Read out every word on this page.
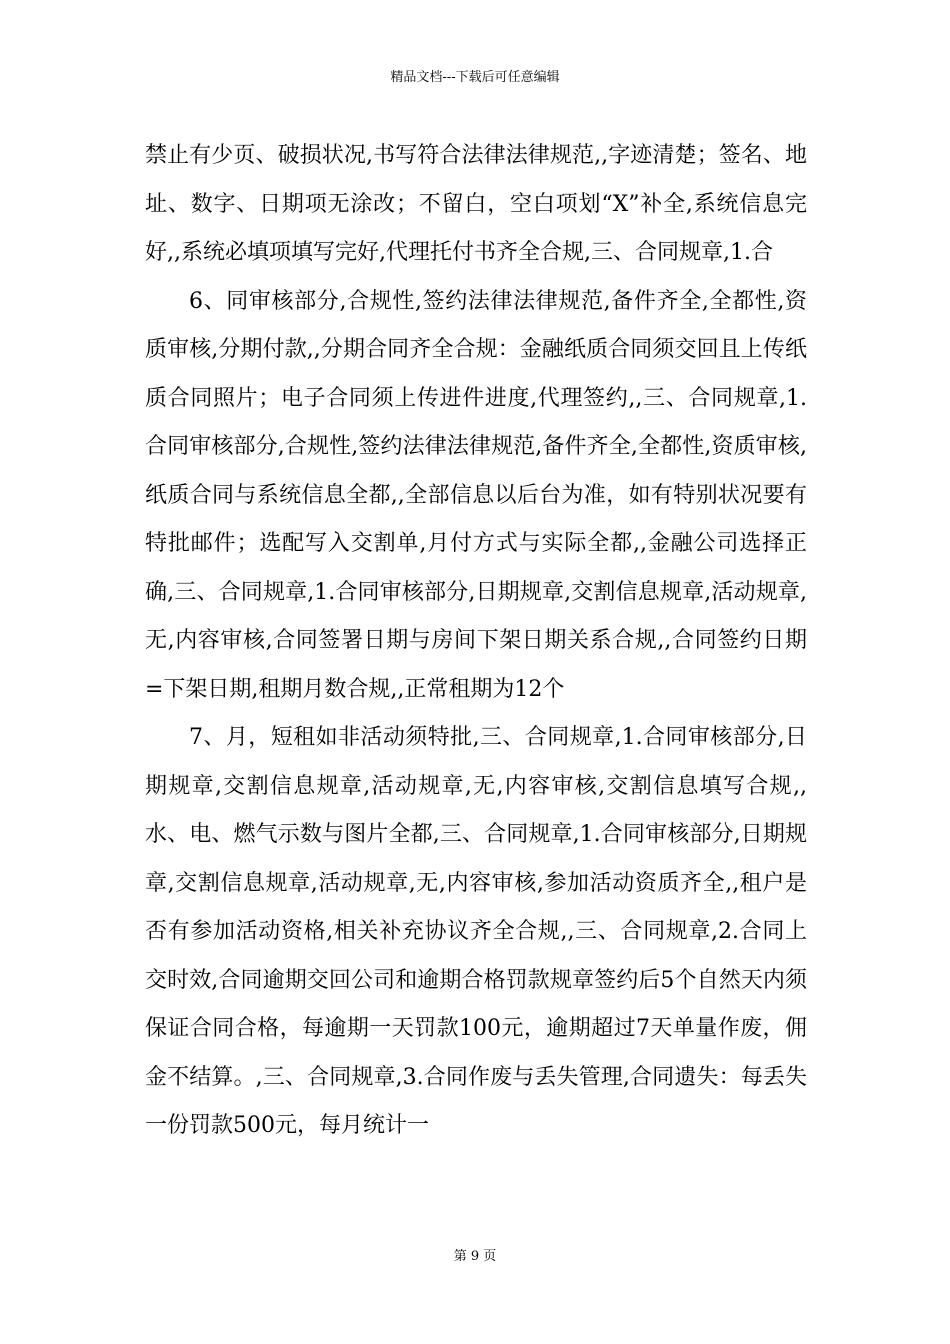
精品文档---下载后可任意编辑

禁止有少页、破损状况,书写符合法律法律规范,,字迹清楚；签名、地址、数字、日期项无涂改；不留白，空白项划“X”补全,系统信息完好,,系统必填项填写完好,代理托付书齐全合规,三、合同规章,1.合

6、同审核部分,合规性,签约法律法律规范,备件齐全,全都性,资质审核,分期付款,,分期合同齐全合规：金融纸质合同须交回且上传纸质合同照片；电子合同须上传进件进度,代理签约,,三、合同规章,1.合同审核部分,合规性,签约法律法律规范,备件齐全,全都性,资质审核,纸质合同与系统信息全都,,全部信息以后台为准，如有特别状况要有特批邮件；选配写入交割单,月付方式与实际全都,,金融公司选择正确,三、合同规章,1.合同审核部分,日期规章,交割信息规章,活动规章,无,内容审核,合同签署日期与房间下架日期关系合规,,合同签约日期=下架日期,租期月数合规,,正常租期为12个

7、月，短租如非活动须特批,三、合同规章,1.合同审核部分,日期规章,交割信息规章,活动规章,无,内容审核,交割信息填写合规,,水、电、燃气示数与图片全都,三、合同规章,1.合同审核部分,日期规章,交割信息规章,活动规章,无,内容审核,参加活动资质齐全,,租户是否有参加活动资格,相关补充协议齐全合规,,三、合同规章,2.合同上交时效,合同逾期交回公司和逾期合格罚款规章签约后5个自然天内须保证合同合格，每逾期一天罚款100元，逾期超过7天单量作废，佣金不结算。,三、合同规章,3.合同作废与丢失管理,合同遗失：每丢失一份罚款500元，每月统计一

第 9 页
